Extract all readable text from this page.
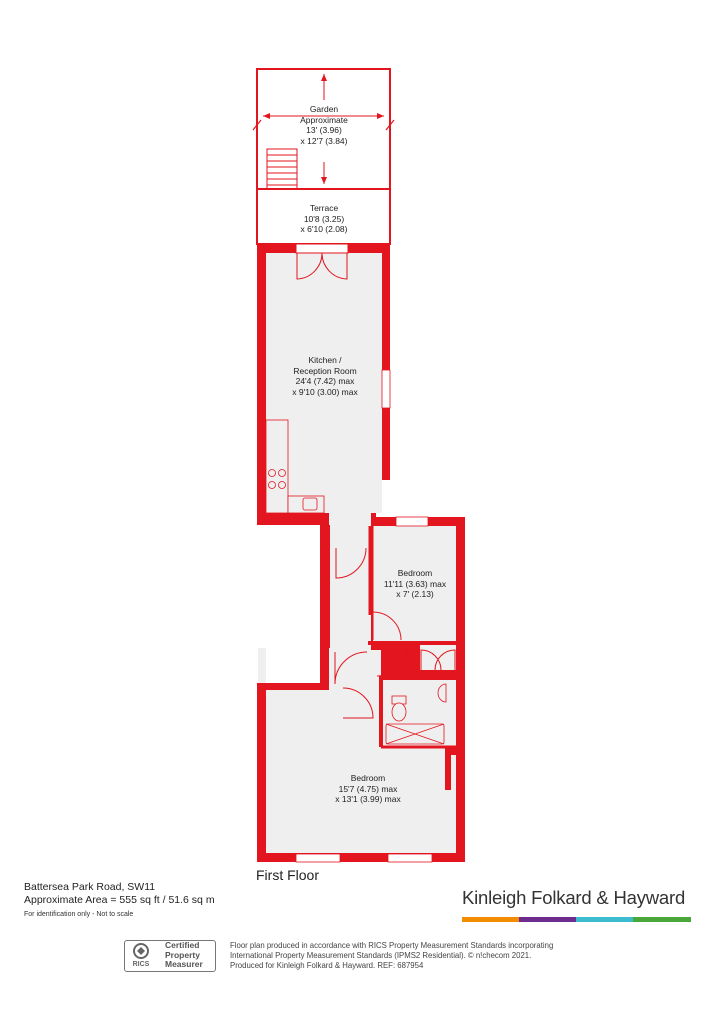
Garden
Approximate
13' (3.96)
x 12'7 (3.84)
Terrace
10'8 (3.25)
x 6'10 (2.08)
Kitchen /
Reception Room
24'4 (7.42) max
x 9'10 (3.00) max
Bedroom
11'11 (3.63) max
x 7' (2.13)
Bedroom
15'7 (4.75) max
x 13'1 (3.99) max
First Floor
Battersea Park Road, SW11
Approximate Area = 555 sq ft / 51.6 sq m
For identification only - Not to scale
Kinleigh Folkard & Hayward
RICS
Certified
Property
Measurer
Floor plan produced in accordance with RICS Property Measurement Standards incorporating
International Property Measurement Standards (IPMS2 Residential). © n!checom 2021.
Produced for Kinleigh Folkard & Hayward. REF: 687954
